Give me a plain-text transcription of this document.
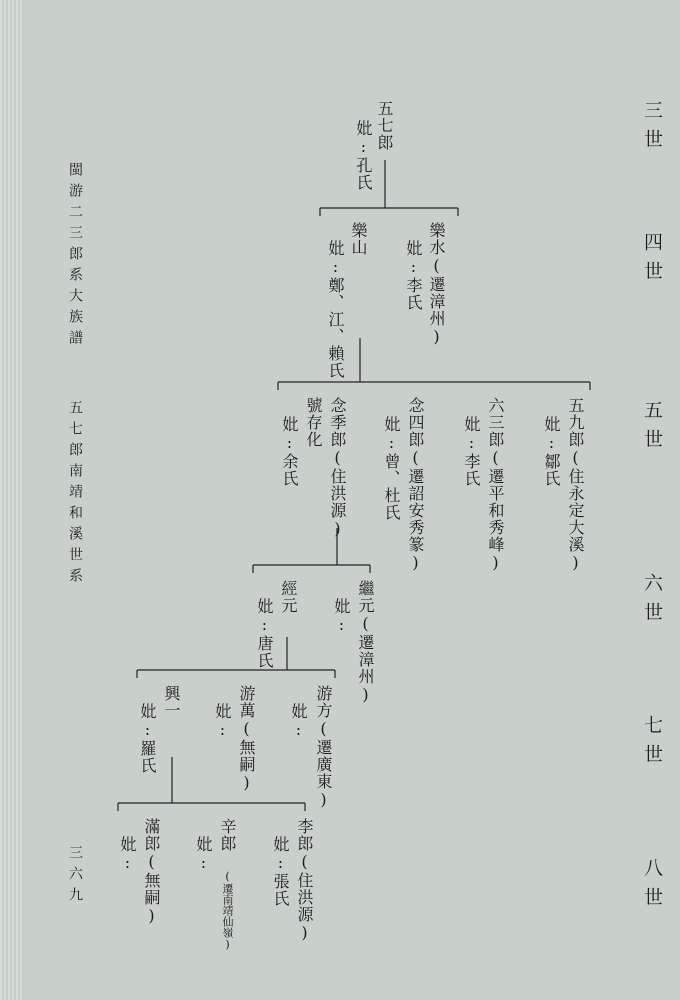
三世
四世
五世
六世
七世
八世
閩游二三郎系大族譜
五七郎南靖和溪世系
三六九
五七郎
妣:孔氏
樂水(遷漳州)
妣:李氏
樂山
妣:鄭、江、賴氏
五九郎(住永定大溪)
妣:鄒氏
六三郎(遷平和秀峰)
妣:李氏
念四郎(遷詔安秀篆)
妣:曾、杜氏
念季郎(住洪源)
號存化
妣:余氏
繼元(遷漳州)
妣:
經元
妣:唐氏
游方(遷廣東)
妣:
游萬(無嗣)
妣:
興一
妣:羅氏
李郎(住洪源)
妣:張氏
辛郎
(遷南靖仙嶺)
妣:
滿郎(無嗣)
妣:
